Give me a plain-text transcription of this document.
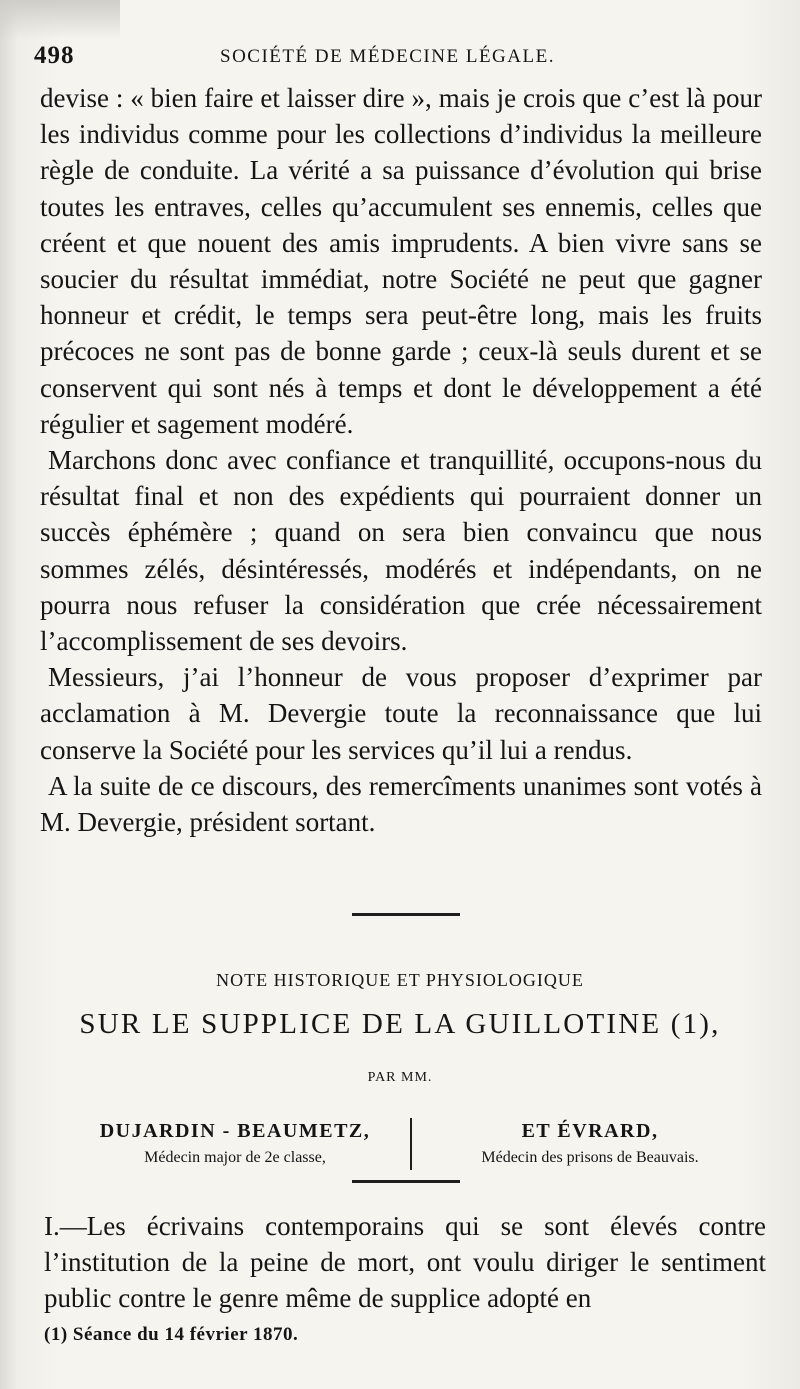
498	SOCIÉTÉ DE MÉDECINE LÉGALE.

devise : « bien faire et laisser dire », mais je crois que c’est là pour les individus comme pour les collections d’individus la meilleure règle de conduite. La vérité a sa puissance d’évolution qui brise toutes les entraves, celles qu’accumulent ses ennemis, celles que créent et que nouent des amis imprudents. A bien vivre sans se soucier du résultat immédiat, notre Société ne peut que gagner honneur et crédit, le temps sera peut-être long, mais les fruits précoces ne sont pas de bonne garde ; ceux-là seuls durent et se conservent qui sont nés à temps et dont le développement a été régulier et sagement modéré.

Marchons donc avec confiance et tranquillité, occupons-nous du résultat final et non des expédients qui pourraient donner un succès éphémère ; quand on sera bien convaincu que nous sommes zélés, désintéressés, modérés et indépendants, on ne pourra nous refuser la considération que crée nécessairement l’accomplissement de ses devoirs.

Messieurs, j’ai l’honneur de vous proposer d’exprimer par acclamation à M. Devergie toute la reconnaissance que lui conserve la Société pour les services qu’il lui a rendus.

A la suite de ce discours, des remercîments unanimes sont votés à M. Devergie, président sortant.

NOTE HISTORIQUE ET PHYSIOLOGIQUE
SUR LE SUPPLICE DE LA GUILLOTINE (1),
PAR MM.
DUJARDIN - BEAUMETZ,
Médecin major de 2e classe,
ET ÉVRARD,
Médecin des prisons de Beauvais.

I.—Les écrivains contemporains qui se sont élevés contre l’institution de la peine de mort, ont voulu diriger le sentiment public contre le genre même de supplice adopté en

(1) Séance du 14 février 1870.
